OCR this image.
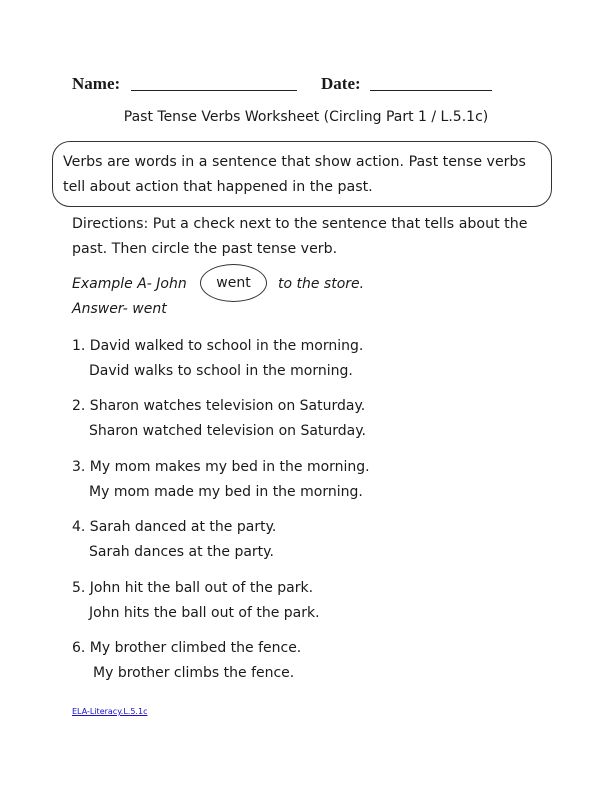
Name:	Date:
Past Tense Verbs Worksheet (Circling Part 1 / L.5.1c)

Verbs are words in a sentence that show action. Past tense verbs tell about action that happened in the past.

Directions: Put a check next to the sentence that tells about the past. Then circle the past tense verb.

Example A- John	went	to the store.
Answer- went
1. David walked to school in the morning.
David walks to school in the morning.
2. Sharon watches television on Saturday.
Sharon watched television on Saturday.
3. My mom makes my bed in the morning.
My mom made my bed in the morning.
4. Sarah danced at the party.
Sarah dances at the party.
5. John hit the ball out of the park.
John hits the ball out of the park.
6. My brother climbed the fence.
My brother climbs the fence.
ELA-Literacy.L.5.1c
